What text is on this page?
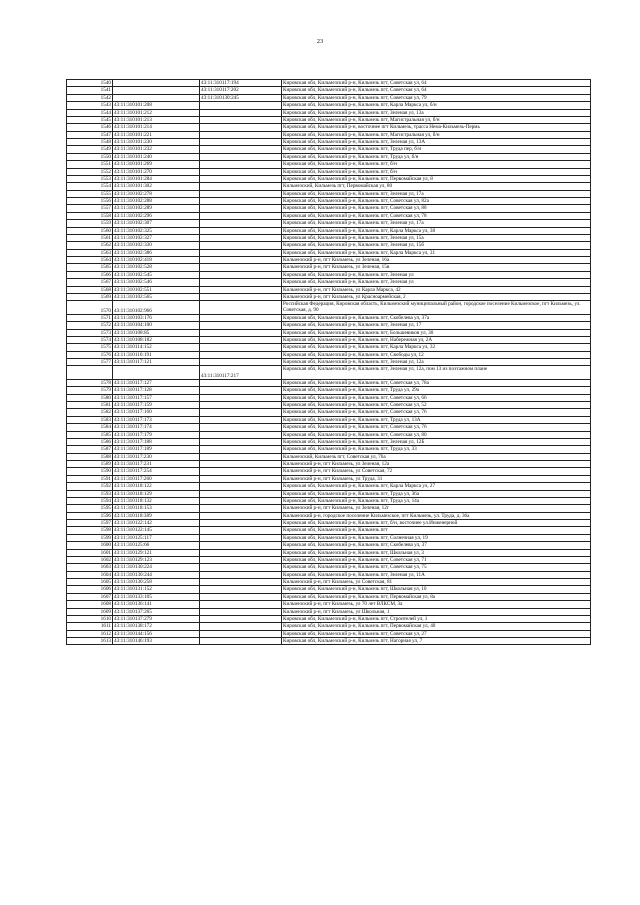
23
1540		43:11:310117:194	Кировская обл, Кильмезский р-н, Кильмезь пгт, Советская ул, 64
1541		43:11:310117:202	Кировская обл, Кильмезский р-н, Кильмезь пгт, Советская ул, 64
1542		43:11:310130:245	Кировская обл, Кильмезский р-н, Кильмезь пгт, Советская ул, 79
1543	43:11:310101:208		Кировская обл, Кильмезский р-н, Кильмезь пгт, Карла Маркса ул, б/н
1544	43:11:310101:212		Кировская обл, Кильмезский р-н, Кильмезь пгт, Зеленая ул, 13а
1545	43:11:310101:213		Кировская обл, Кильмезский р-н, Кильмезь пгт, Магистральная ул, б/н
1546	43:11:310101:214		Кировская обл, Кильмезский р-н, восточнее пгт Кильмезь, трасса Нема-Кильмезь-Пермь
1547	43:11:310101:221		Кировская обл, Кильмезский р-н, Кильмезь пгт, Магистральная ул, б/н
1548	43:11:310101:230		Кировская обл, Кильмезский р-н, Кильмезь пгт, Зеленая ул, 13А
1549	43:11:310101:232		Кировская обл, Кильмезский р-н, Кильмезь пгт, Труда пер, б/н
1550	43:11:310101:240		Кировская обл, Кильмезский р-н, Кильмезь пгт, Труда ул, б/н
1551	43:11:310101:269		Кировская обл, Кильмезский р-н, Кильмезь пгт, б/н
1552	43:11:310101:270		Кировская обл, Кильмезский р-н, Кильмезь пгт, б/н
1553	43:11:310101:284		Кировская обл, Кильмезский р-н, Кильмезь пгт, Первомайская ул, 8
1554	43:11:310101:302		Кильмезский, Кильмезь пгт, Первомайская ул, 80
1555	43:11:310102:278		Кировская обл, Кильмезский р-н, Кильмезь пгт, Зеленая ул, 17а
1556	43:11:310102:288		Кировская обл, Кильмезский р-н, Кильмезь пгт, Советская ул, 82а
1557	43:11:310102:289		Кировская обл, Кильмезский р-н, Кильмезь пгт, Советская ул, 88
1558	43:11:310102:296		Кировская обл, Кильмезский р-н, Кильмезь пгт, Советская ул, 78
1559	43:11:310102:307		Кировская обл, Кильмезский р-н, Кильмезь пгт, Зеленая ул, 17а
1560	43:11:310102:325		Кировская обл, Кильмезский р-н, Кильмезь пгт, Карла Маркса ул, 38
1561	43:11:310102:327		Кировская обл, Кильмезский р-н, Кильмезь пгт, Зеленая ул, 15а
1562	43:11:310102:330		Кировская обл, Кильмезский р-н, Кильмезь пгт, Зеленая ул, 15б
1563	43:11:310102:386		Кировская обл, Кильмезский р-н, Кильмезь пгт, Карла Маркса ул, 31
1564	43:11:310102:418		Кильмезский р-н, пгт Кильмезь, ул Зеленая, 16а
1565	43:11:310102:528		Кильмезский р-н, пгт Кильмезь, ул Зеленая, 15в
1566	43:11:310102:545		Кировская обл, Кильмезский р-н, Кильмезь пгт, Зеленая ул
1567	43:11:310102:546		Кировская обл, Кильмезский р-н, Кильмезь пгт, Зеленая ул
1568	43:11:310102:551		Кильмезский р-н, пгт Кильмезь, ул Карла Маркса, 42
1569	43:11:310102:565		Кильмезский р-н, пгт Кильмезь, ул Красноармейская, 2
1570	43:11:310102:966		Российская Федерация, Кировская область, Кильмезский муниципальный район, городское поселение Кильмезское, пгт Кильмезь, ул. Советская, д. 90
1571	43:11:310103:176		Кировская обл, Кильмезский р-н, Кильмезь пгт, Скобелева ул, 37а
1572	43:11:310104:100		Кировская обл, Кильмезский р-н, Кильмезь пгт, Зеленая ул, 17
1573	43:11:310108:85		Кировская обл, Кильмезский р-н, Кильмезь пгт, Большевиков ул, 30
1574	43:11:310108:182		Кировская обл, Кильмезский р-н, Кильмезь пгт, Набережная ул, 2А
1575	43:11:310114:152		Кировская обл, Кильмезский р-н, Кильмезь пгт, Карла Маркса ул, 32
1576	43:11:310116:191		Кировская обл, Кильмезский р-н, Кильмезь пгт, Свободы ул, 12
1577	43:11:310117:121		Кировская обл, Кильмезский р-н, Кильмезь пгт, Зеленая ул, 12а
		43:11:310117:217	Кировская обл, Кильмезский р-н, Кильмезь пгт, Зеленая ул, 12а, пом 13 из поэтажном плане
1578	43:11:310117:127		Кировская обл, Кильмезский р-н, Кильмезь пгт, Советская ул, 78а
1579	43:11:310117:128		Кировская обл, Кильмезский р-н, Кильмезь пгт, Труда ул, 29а
1580	43:11:310117:157		Кировская обл, Кильмезский р-н, Кильмезь пгт, Советская ул, 66
1581	43:11:310117:159		Кировская обл, Кильмезский р-н, Кильмезь пгт, Советская ул, 52
1582	43:11:310117:160		Кировская обл, Кильмезский р-н, Кильмезь пгт, Советская ул, 76
1583	43:11:310117:173		Кировская обл, Кильмезский р-н, Кильмезь пгт, Труда ул, 13А
1584	43:11:310117:174		Кировская обл, Кильмезский р-н, Кильмезь пгт, Советская ул, 76
1585	43:11:310117:179		Кировская обл, Кильмезский р-н, Кильмезь пгт, Советская ул, 80
1586	43:11:310117:188		Кировская обл, Кильмезский р-н, Кильмезь пгт, Зеленая ул, 12Б
1587	43:11:310117:189		Кировская обл, Кильмезский р-н, Кильмезь пгт, Труда ул, 33
1588	43:11:310117:230		Кильмезский, Кильмезь пгт, Советская ул, 76а
1589	43:11:310117:231		Кильмезский р-н, пгт Кильмезь, ул Зеленая, 12а
1590	43:11:310117:254		Кильмезский р-н, пгт Кильмезь, ул Советская, 72
1591	43:11:310117:260		Кильмезский р-н, пгт Кильмезь, ул Труда, 31
1592	43:11:310118:122		Кировская обл, Кильмезский р-н, Кильмезь пгт, Карла Маркса ул, 27
1593	43:11:310118:129		Кировская обл, Кильмезский р-н, Кильмезь пгт, Труда ул, 36а
1594	43:11:310118:132		Кировская обл, Кильмезский р-н, Кильмезь пгт, Труда ул, 14а
1595	43:11:310118:153		Кильмезский р-н, пгт Кильмезь, ул Зеленая, 12г
1596	43:11:310118:389		Кильмезский р-н, городское поселение Кильмезское, пгт Кильмезь, ул. Труда, д. 36а
1597	43:11:310122:142		Кировская обл, Кильмезский р-н, Кильмезь пгт, б/н, восточнее ул.Инженерной
1598	43:11:310122:145		Кировская обл, Кильмезский р-н, Кильмезь пгт
1599	43:11:310125:117		Кировская обл, Кильмезский р-н, Кильмезь пгт, Солнечная ул, 19
1600	43:11:310125:66		Кировская обл, Кильмезский р-н, Кильмезь пгт, Скобелева ул, 37
1601	43:11:310129:121		Кировская обл, Кильмезский р-н, Кильмезь пгт, Школьная ул, 3
1602	43:11:310129:123		Кировская обл, Кильмезский р-н, Кильмезь пгт, Советская ул, 71
1603	43:11:310130:224		Кировская обл, Кильмезский р-н, Кильмезь пгт, Советская ул, 75
1604	43:11:310130:244		Кировская обл, Кильмезский р-н, Кильмезь пгт, Зеленая ул, 11А
1605	43:11:310130:258		Кильмезский р-н, пгт Кильмезь, ул Советская, 81
1606	43:11:310131:152		Кировская обл, Кильмезский р-н, Кильмезь пгт, Школьная ул, 10
1607	43:11:310133:105		Кировская обл, Кильмезский р-н, Кильмезь пгт, Первомайская ул, 8а
1608	43:11:310136:141		Кильмезский р-н, пгт Кильмезь, ул 70 лет ВЛКСМ, 3а
1609	43:11:310137:265		Кильмезский р-н, пгт Кильмезь, ул Школьная, 1
1610	43:11:310137:279		Кировская обл, Кильмезский р-н, Кильмезь пгт, Строителей ул, 1
1611	43:11:310138:172		Кировская обл, Кильмезский р-н, Кильмезь пгт, Первомайская ул, 40
1612	43:11:310144:156		Кировская обл, Кильмезский р-н, Кильмезь пгт, Советская ул, 27
1613	43:11:310146:193		Кировская обл, Кильмезский р-н, Кильмезь пгт, Нагорная ул, 7
